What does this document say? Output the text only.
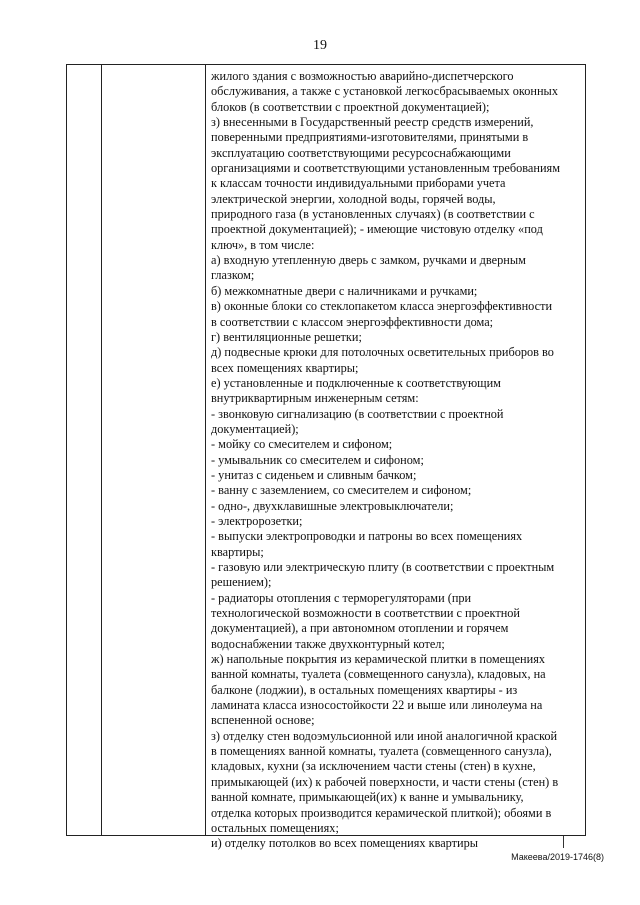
19
жилого здания с возможностью аварийно-диспетчерского
обслуживания, а также с установкой легкосбрасываемых оконных
блоков (в соответствии с проектной документацией);
з) внесенными в Государственный реестр средств измерений,
поверенными предприятиями-изготовителями, принятыми в
эксплуатацию соответствующими ресурсоснабжающими
организациями и соответствующими установленным требованиям
к классам точности индивидуальными приборами учета
электрической энергии, холодной воды, горячей воды,
природного газа (в установленных случаях) (в соответствии с
проектной документацией); - имеющие чистовую отделку «под
ключ», в том числе:
а) входную утепленную дверь с замком, ручками и дверным
глазком;
б) межкомнатные двери с наличниками и ручками;
в) оконные блоки со стеклопакетом класса энергоэффективности
в соответствии с классом энергоэффективности дома;
г) вентиляционные решетки;
д) подвесные крюки для потолочных осветительных приборов во
всех помещениях квартиры;
е) установленные и подключенные к соответствующим
внутриквартирным инженерным сетям:
- звонковую сигнализацию (в соответствии с проектной
документацией);
- мойку со смесителем и сифоном;
- умывальник со смесителем и сифоном;
- унитаз с сиденьем и сливным бачком;
- ванну с заземлением, со смесителем и сифоном;
- одно-, двухклавишные электровыключатели;
- электророзетки;
- выпуски электропроводки и патроны во всех помещениях
квартиры;
- газовую или электрическую плиту (в соответствии с проектным
решением);
- радиаторы отопления с терморегуляторами (при
технологической возможности в соответствии с проектной
документацией), а при автономном отоплении и горячем
водоснабжении также двухконтурный котел;
ж) напольные покрытия из керамической плитки в помещениях
ванной комнаты, туалета (совмещенного санузла), кладовых, на
балконе (лоджии), в остальных помещениях квартиры - из
ламината класса износостойкости 22 и выше или линолеума на
вспененной основе;
з) отделку стен водоэмульсионной или иной аналогичной краской
в помещениях ванной комнаты, туалета (совмещенного санузла),
кладовых, кухни (за исключением части стены (стен) в кухне,
примыкающей (их) к рабочей поверхности, и части стены (стен) в
ванной комнате, примыкающей(их) к ванне и умывальнику,
отделка которых производится керамической плиткой); обоями в
остальных помещениях;
и) отделку потолков во всех помещениях квартиры
Макеева/2019-1746(8)
